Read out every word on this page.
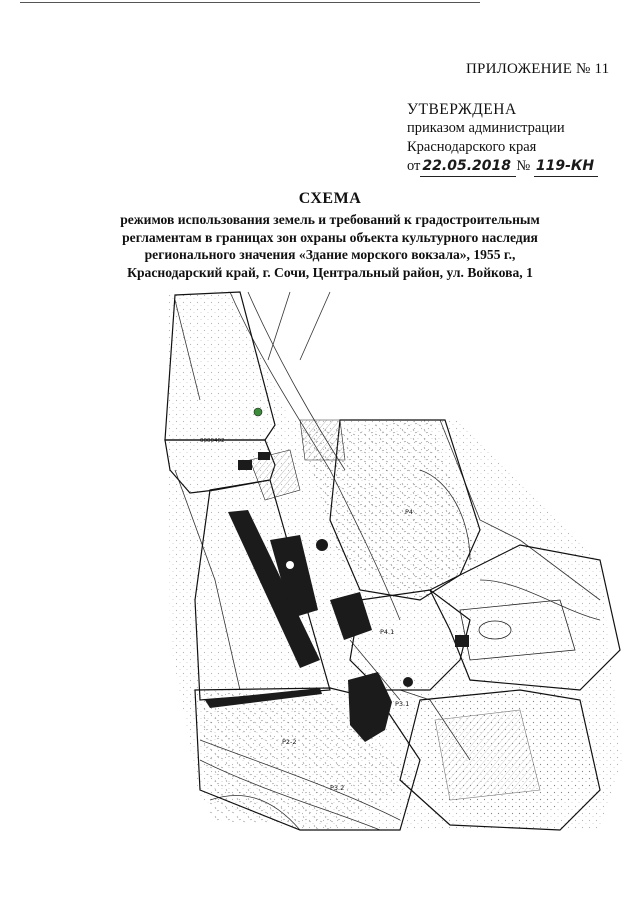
ПРИЛОЖЕНИЕ № 11
УТВЕРЖДЕНА
приказом администрации
Краснодарского края
от 22.05.2018 № 119-КН
СХЕМА
режимов использования земель и требований к градостроительным
регламентам в границах зон охраны объекта культурного наследия
регионального значения «Здание морского вокзала», 1955 г.,
Краснодарский край, г. Сочи, Центральный район, ул. Войкова, 1
Р4
Р4.1
Р2-2
Р3.1
Р3.2
0000402
